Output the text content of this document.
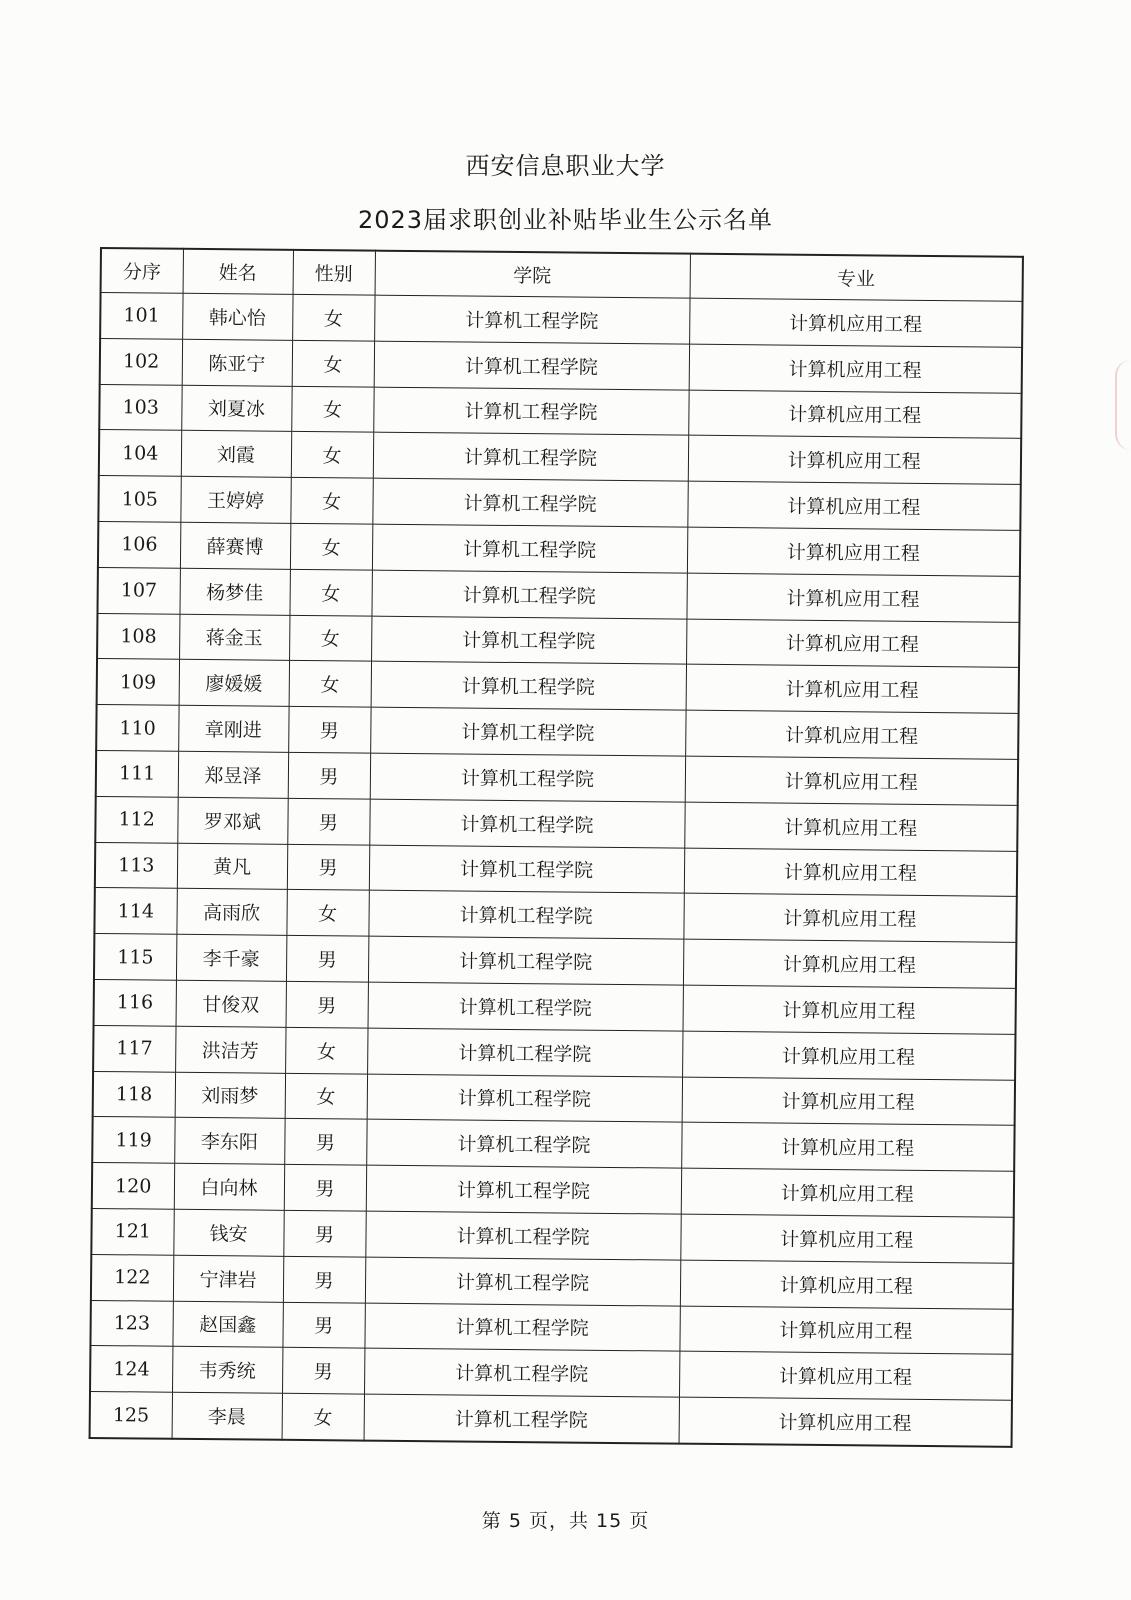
西安信息职业大学
2023届求职创业补贴毕业生公示名单
分序	姓名	性别	学院	专业
101	韩心怡	女	计算机工程学院	计算机应用工程
102	陈亚宁	女	计算机工程学院	计算机应用工程
103	刘夏冰	女	计算机工程学院	计算机应用工程
104	刘霞	女	计算机工程学院	计算机应用工程
105	王婷婷	女	计算机工程学院	计算机应用工程
106	薛赛博	女	计算机工程学院	计算机应用工程
107	杨梦佳	女	计算机工程学院	计算机应用工程
108	蒋金玉	女	计算机工程学院	计算机应用工程
109	廖媛媛	女	计算机工程学院	计算机应用工程
110	章刚进	男	计算机工程学院	计算机应用工程
111	郑昱泽	男	计算机工程学院	计算机应用工程
112	罗邓斌	男	计算机工程学院	计算机应用工程
113	黄凡	男	计算机工程学院	计算机应用工程
114	高雨欣	女	计算机工程学院	计算机应用工程
115	李千豪	男	计算机工程学院	计算机应用工程
116	甘俊双	男	计算机工程学院	计算机应用工程
117	洪洁芳	女	计算机工程学院	计算机应用工程
118	刘雨梦	女	计算机工程学院	计算机应用工程
119	李东阳	男	计算机工程学院	计算机应用工程
120	白向林	男	计算机工程学院	计算机应用工程
121	钱安	男	计算机工程学院	计算机应用工程
122	宁津岩	男	计算机工程学院	计算机应用工程
123	赵国鑫	男	计算机工程学院	计算机应用工程
124	韦秀统	男	计算机工程学院	计算机应用工程
125	李晨	女	计算机工程学院	计算机应用工程
第 5 页，共 15 页
